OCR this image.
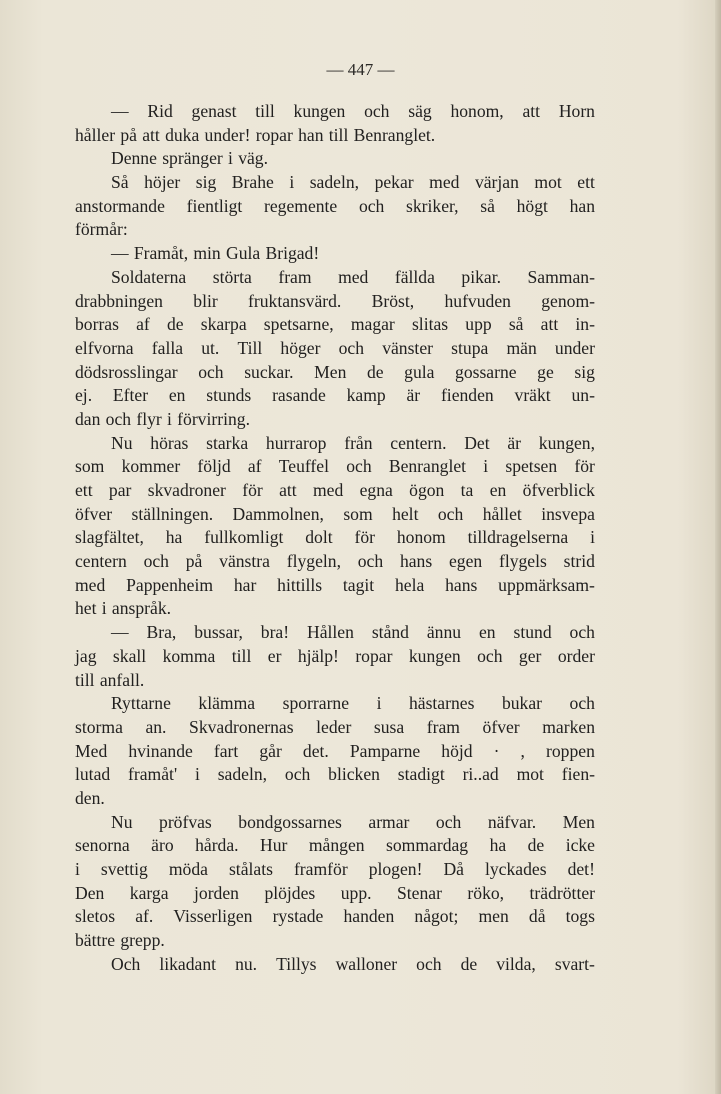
— 447 —

— Rid genast till kungen och säg honom, att Horn
håller på att duka under! ropar han till Benranglet.
Denne spränger i väg.
Så höjer sig Brahe i sadeln, pekar med värjan mot ett
anstormande fientligt regemente och skriker, så högt han
förmår:
— Framåt, min Gula Brigad!
Soldaterna störta fram med fällda pikar. Samman-
drabbningen blir fruktansvärd. Bröst, hufvuden genom-
borras af de skarpa spetsarne, magar slitas upp så att in-
elfvorna falla ut. Till höger och vänster stupa män under
dödsrosslingar och suckar. Men de gula gossarne ge sig
ej. Efter en stunds rasande kamp är fienden vräkt un-
dan och flyr i förvirring.
Nu höras starka hurrarop från centern. Det är kungen,
som kommer följd af Teuffel och Benranglet i spetsen för
ett par skvadroner för att med egna ögon ta en öfverblick
öfver ställningen. Dammolnen, som helt och hållet insvepa
slagfältet, ha fullkomligt dolt för honom tilldragelserna i
centern och på vänstra flygeln, och hans egen flygels strid
med Pappenheim har hittills tagit hela hans uppmärksam-
het i anspråk.
— Bra, bussar, bra! Hållen stånd ännu en stund och
jag skall komma till er hjälp! ropar kungen och ger order
till anfall.
Ryttarne klämma sporrarne i hästarnes bukar och
storma an. Skvadronernas leder susa fram öfver marken
Med hvinande fart går det. Pamparne höjd · , roppen
lutad framåt' i sadeln, och blicken stadigt ri..ad mot fien-
den.
Nu pröfvas bondgossarnes armar och näfvar. Men
senorna äro hårda. Hur mången sommardag ha de icke
i svettig möda stålats framför plogen! Då lyckades det!
Den karga jorden plöjdes upp. Stenar röko, trädrötter
sletos af. Visserligen rystade handen något; men då togs
bättre grepp.
Och likadant nu. Tillys walloner och de vilda, svart-
